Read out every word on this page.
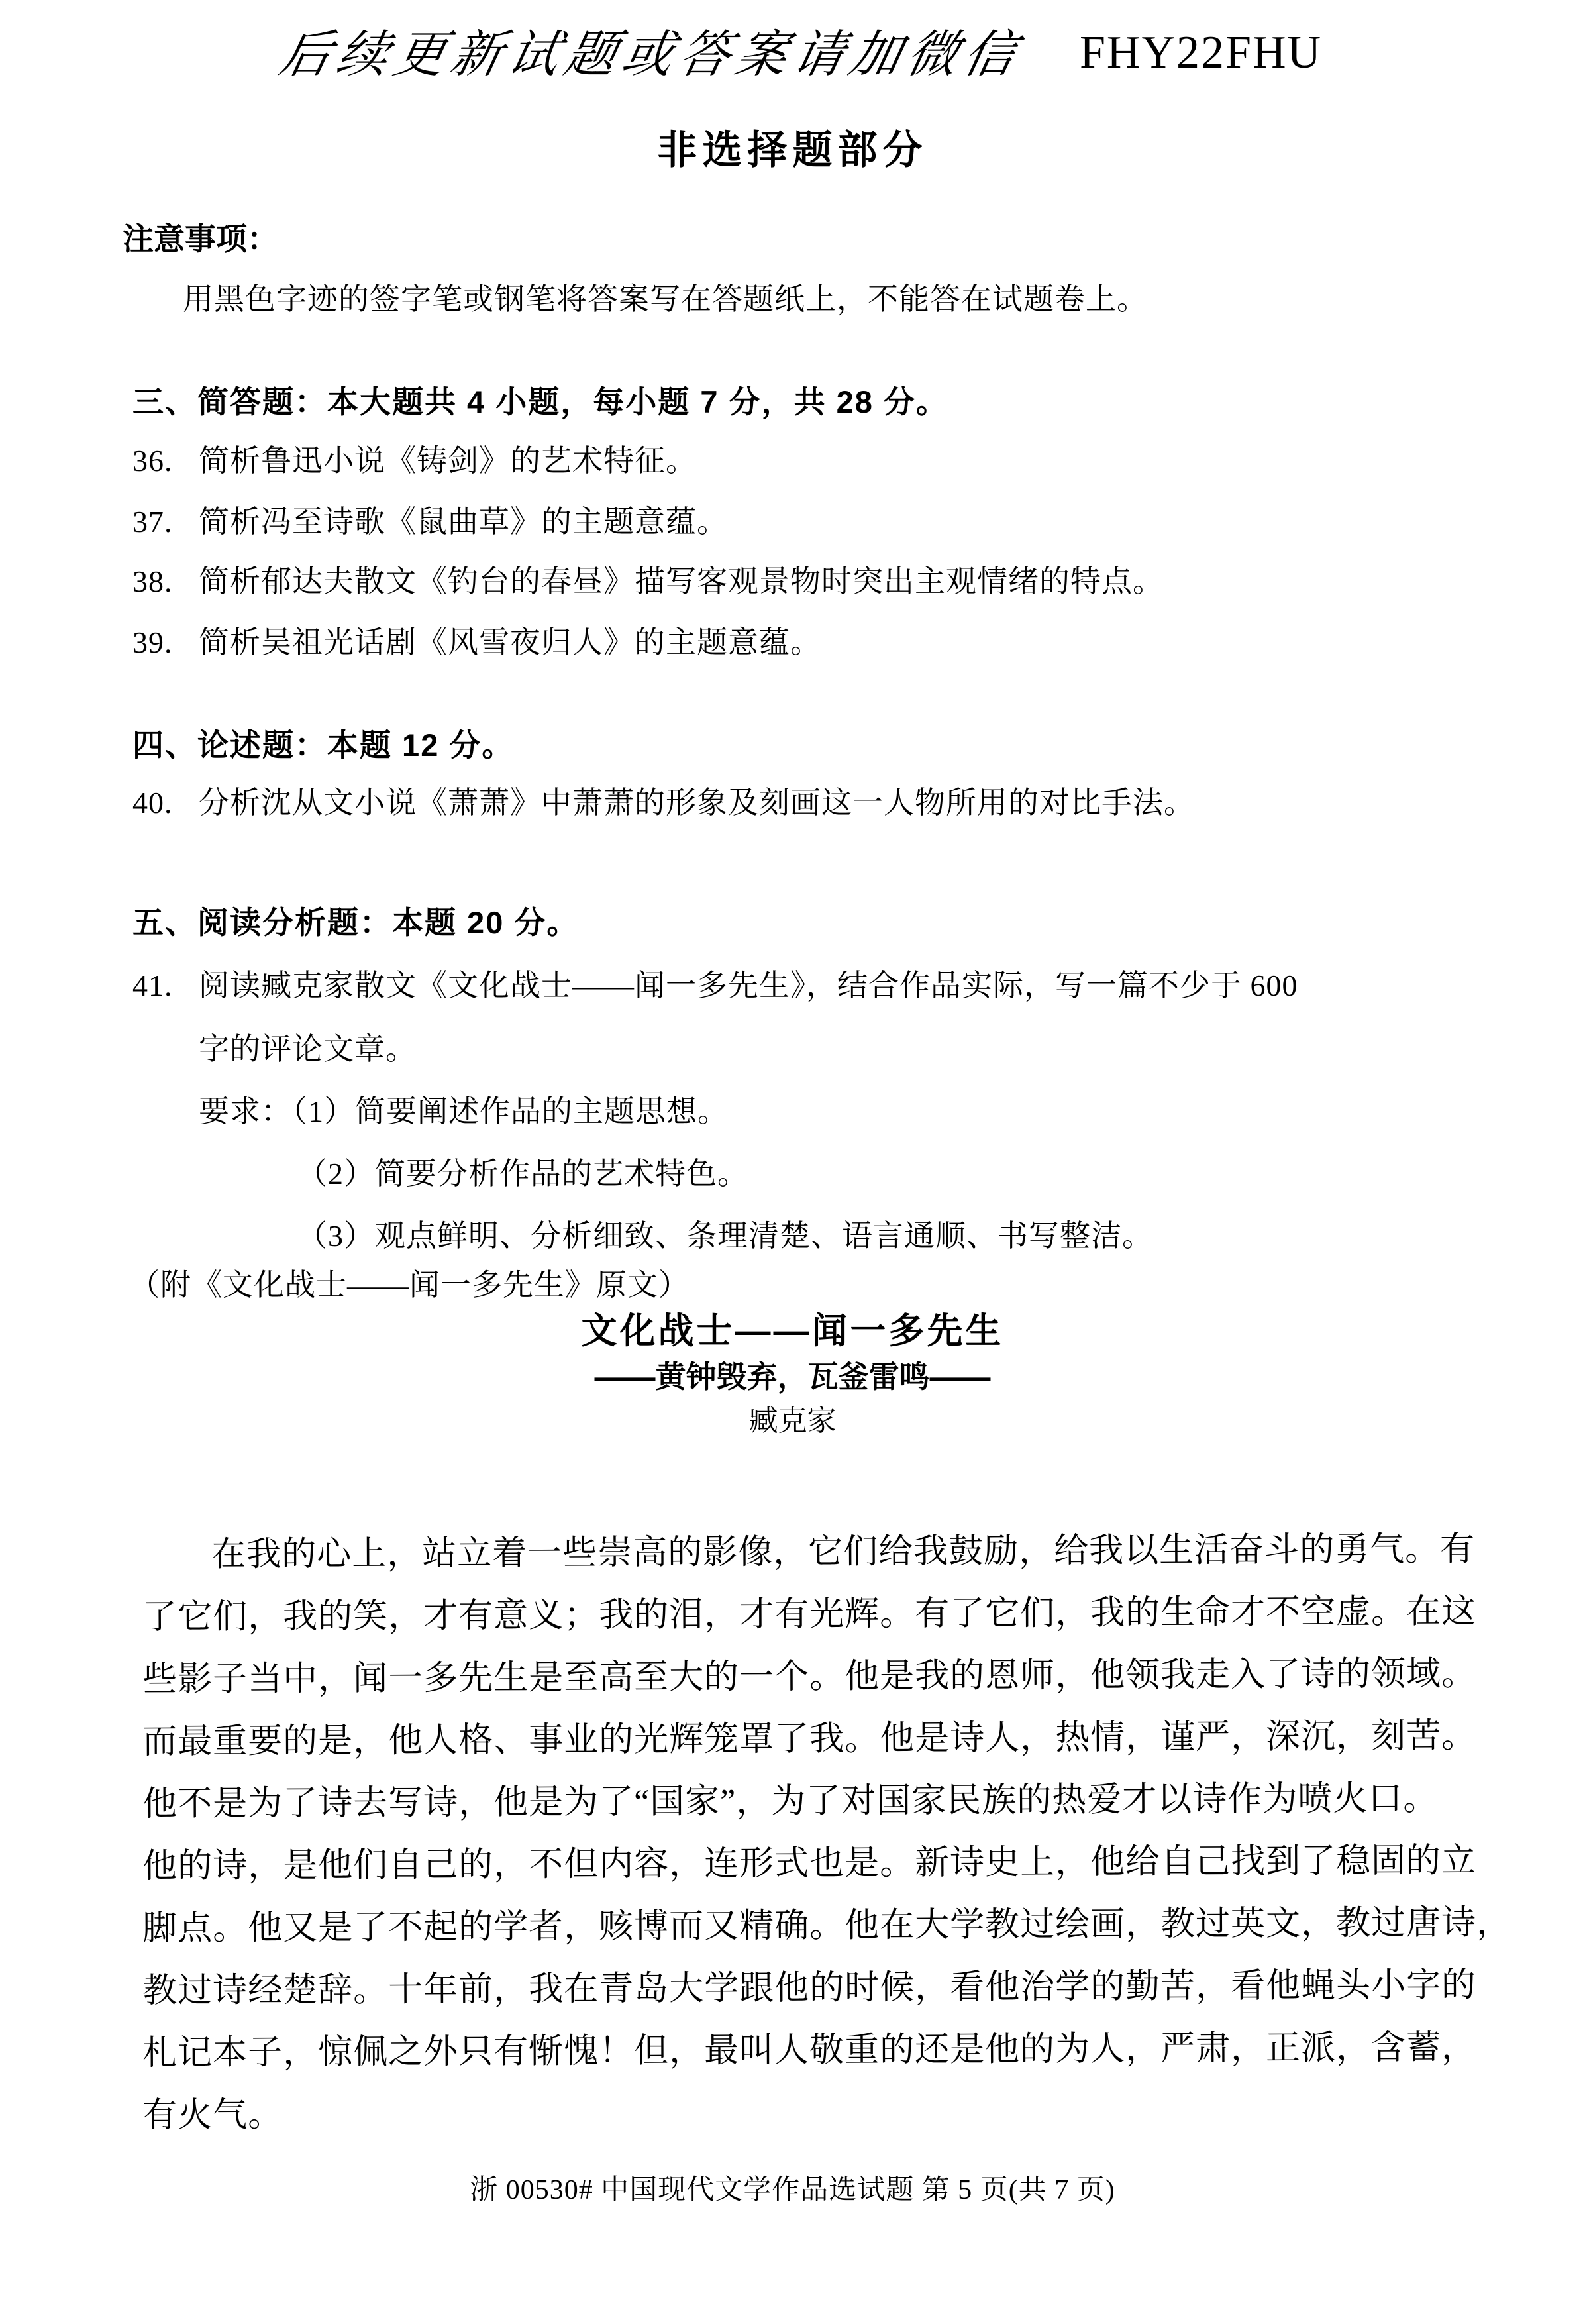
后续更新试题或答案请加微信 FHY22FHU
非选择题部分
注意事项：
用黑色字迹的签字笔或钢笔将答案写在答题纸上，不能答在试题卷上。
三、简答题：本大题共 4 小题，每小题 7 分，共 28 分。
36. 简析鲁迅小说《铸剑》的艺术特征。
37. 简析冯至诗歌《鼠曲草》的主题意蕴。
38. 简析郁达夫散文《钓台的春昼》描写客观景物时突出主观情绪的特点。
39. 简析吴祖光话剧《风雪夜归人》的主题意蕴。
四、论述题：本题 12 分。
40. 分析沈从文小说《萧萧》中萧萧的形象及刻画这一人物所用的对比手法。
五、阅读分析题：本题 20 分。
41. 阅读臧克家散文《文化战士——闻一多先生》，结合作品实际，写一篇不少于 600
字的评论文章。
要求：（1）简要阐述作品的主题思想。
（2）简要分析作品的艺术特色。
（3）观点鲜明、分析细致、条理清楚、语言通顺、书写整洁。
（附《文化战士——闻一多先生》原文）
文化战士——闻一多先生
——黄钟毁弃，瓦釜雷鸣——
臧克家
在我的心上，站立着一些崇高的影像，它们给我鼓励，给我以生活奋斗的勇气。有
了它们，我的笑，才有意义；我的泪，才有光辉。有了它们，我的生命才不空虚。在这
些影子当中，闻一多先生是至高至大的一个。他是我的恩师，他领我走入了诗的领域。
而最重要的是，他人格、事业的光辉笼罩了我。他是诗人，热情，谨严，深沉，刻苦。
他不是为了诗去写诗，他是为了“国家”，为了对国家民族的热爱才以诗作为喷火口。
他的诗，是他们自己的，不但内容，连形式也是。新诗史上，他给自己找到了稳固的立
脚点。他又是了不起的学者，赅博而又精确。他在大学教过绘画，教过英文，教过唐诗，
教过诗经楚辞。十年前，我在青岛大学跟他的时候，看他治学的勤苦，看他蝇头小字的
札记本子，惊佩之外只有惭愧！但，最叫人敬重的还是他的为人，严肃，正派，含蓄，
有火气。
浙 00530# 中国现代文学作品选试题 第 5 页(共 7 页)
